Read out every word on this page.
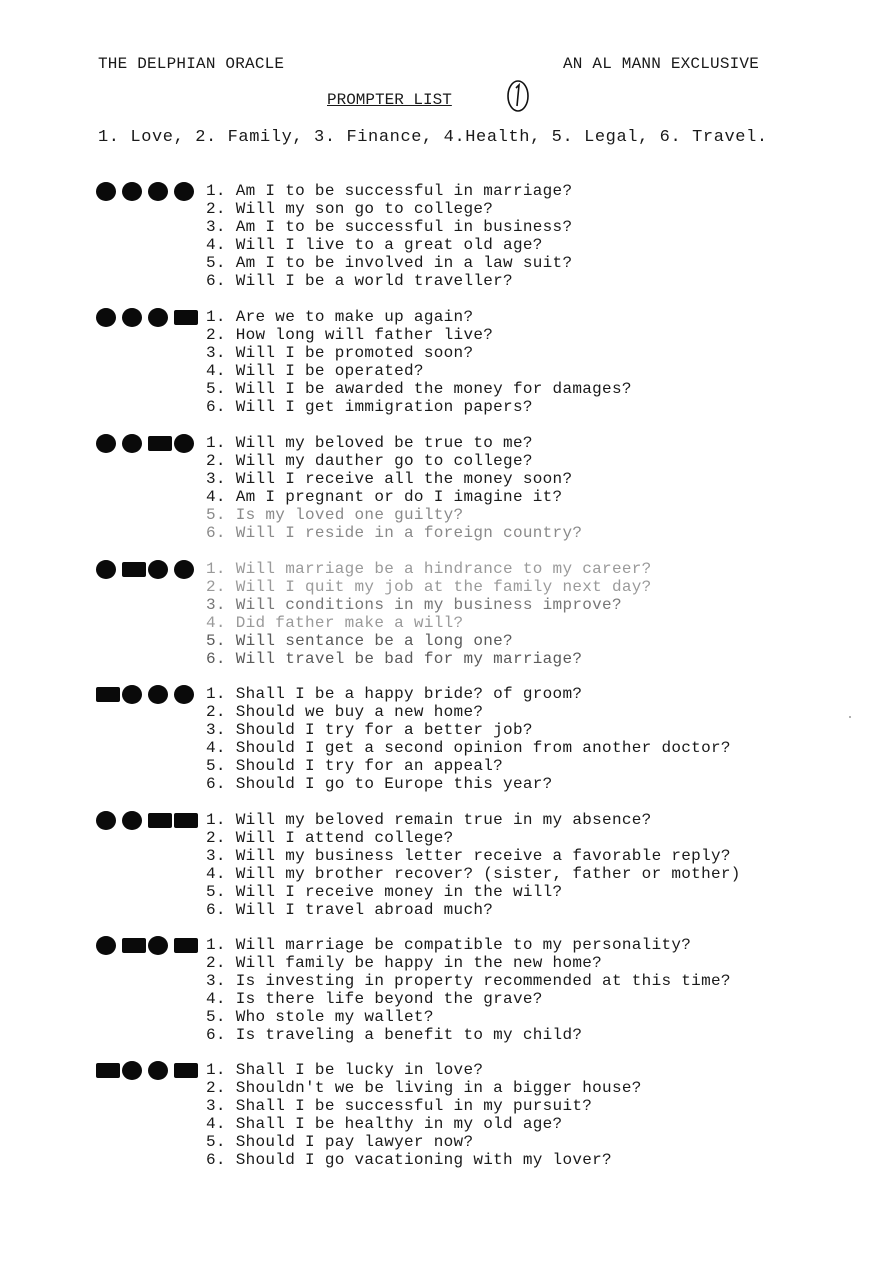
THE DELPHIAN ORACLE	AN AL MANN EXCLUSIVE
PROMPTER LIST
1. Love, 2. Family, 3. Finance, 4.Health, 5. Legal, 6. Travel.
1. Am I to be successful in marriage?
2. Will my son go to college?
3. Am I to be successful in business?
4. Will I live to a great old age?
5. Am I to be involved in a law suit?
6. Will I be a world traveller?
1. Are we to make up again?
2. How long will father live?
3. Will I be promoted soon?
4. Will I be operated?
5. Will I be awarded the money for damages?
6. Will I get immigration papers?
1. Will my beloved be true to me?
2. Will my dauther go to college?
3. Will I receive all the money soon?
4. Am I pregnant or do I imagine it?
5. Is my loved one guilty?
6. Will I reside in a foreign country?
1. Will marriage be a hindrance to my career?
2. Will I quit my job at the family next day?
3. Will conditions in my business improve?
4. Did father make a will?
5. Will sentance be a long one?
6. Will travel be bad for my marriage?
1. Shall I be a happy bride? of groom?
2. Should we buy a new home?
3. Should I try for a better job?
4. Should I get a second opinion from another doctor?
5. Should I try for an appeal?
6. Should I go to Europe this year?
1. Will my beloved remain true in my absence?
2. Will I attend college?
3. Will my business letter receive a favorable reply?
4. Will my brother recover? (sister, father or mother)
5. Will I receive money in the will?
6. Will I travel abroad much?
1. Will marriage be compatible to my personality?
2. Will family be happy in the new home?
3. Is investing in property recommended at this time?
4. Is there life beyond the grave?
5. Who stole my wallet?
6. Is traveling a benefit to my child?
1. Shall I be lucky in love?
2. Shouldn't we be living in a bigger house?
3. Shall I be successful in my pursuit?
4. Shall I be healthy in my old age?
5. Should I pay lawyer now?
6. Should I go vacationing with my lover?
